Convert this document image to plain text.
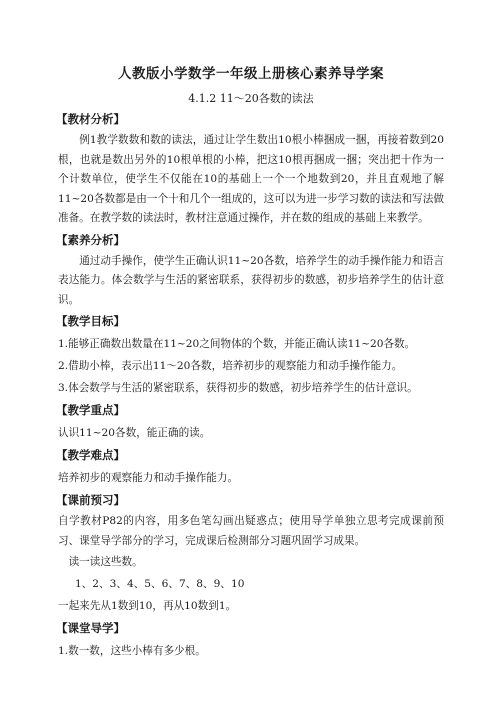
人教版小学数学一年级上册核心素养导学案
4.1.2 11～20各数的读法
【教材分析】

例1教学数数和数的读法，通过让学生数出10根小棒捆成一捆，再接着数到20根，也就是数出另外的10根单根的小棒，把这10根再捆成一捆；突出把十作为一个计数单位，使学生不仅能在10的基础上一个一个地数到20，并且直观地了解11~20各数都是由一个十和几个一组成的，这可以为进一步学习数的读法和写法做准备。在教学数的读法时，教材注意通过操作，并在数的组成的基础上来教学。

【素养分析】

通过动手操作，使学生正确认识11~20各数，培养学生的动手操作能力和语言表达能力。体会数学与生活的紧密联系，获得初步的数感，初步培养学生的估计意识。

【教学目标】

1.能够正确数出数量在11~20之间物体的个数，并能正确认读11~20各数。

2.借助小棒，表示出11～20各数，培养初步的观察能力和动手操作能力。

3.体会数学与生活的紧密联系，获得初步的数感，初步培养学生的估计意识。

【教学重点】

认识11~20各数，能正确的读。

【教学难点】

培养初步的观察能力和动手操作能力。

【课前预习】

自学教材P82的内容，用多色笔勾画出疑惑点；使用导学单独立思考完成课前预习、课堂导学部分的学习，完成课后检测部分习题巩固学习成果。

读一读这些数。

1、2、3、4、5、6、7、8、9、10

一起来先从1数到10，再从10数到1。

【课堂导学】

1.数一数，这些小棒有多少根。
